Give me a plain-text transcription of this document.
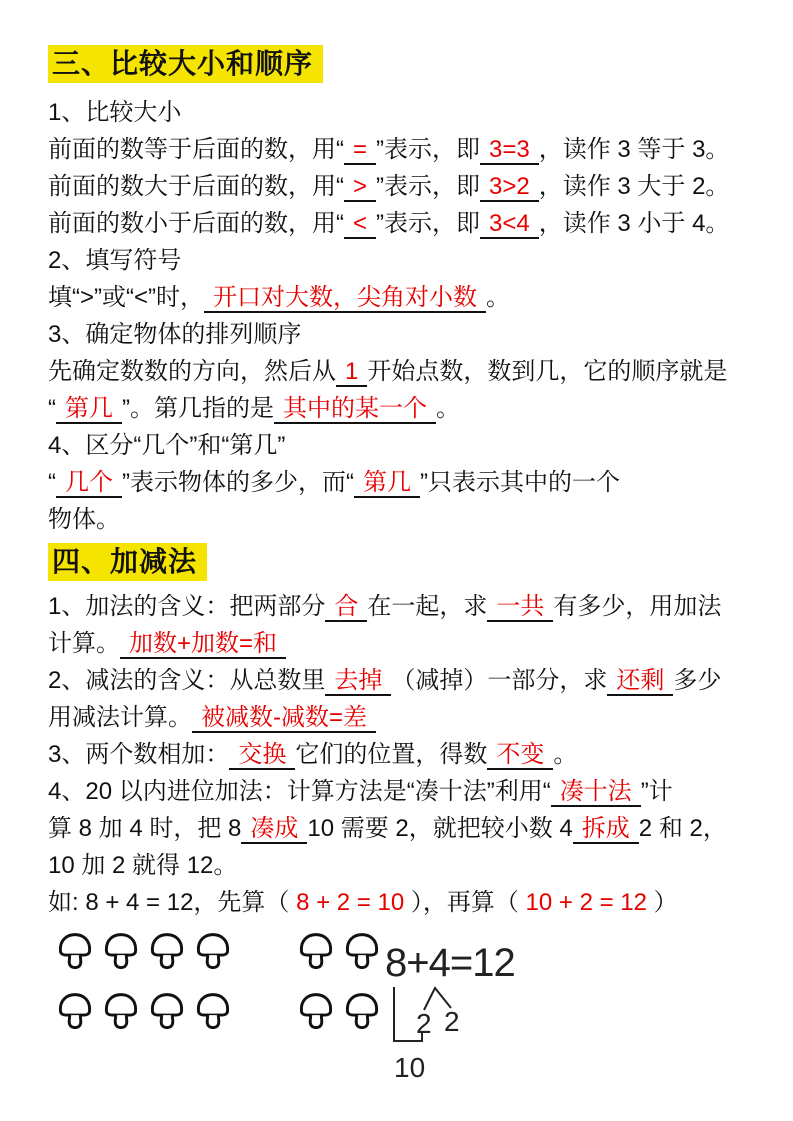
三、比较大小和顺序
1、比较大小
前面的数等于后面的数，用“ = ”表示，即 3=3 ，读作 3 等于 3。
前面的数大于后面的数，用“ > ”表示，即 3>2 ，读作 3 大于 2。
前面的数小于后面的数，用“ < ”表示，即 3<4 ，读作 3 小于 4。
2、填写符号
填“>”或“<”时， 开口对大数，尖角对小数 。
3、确定物体的排列顺序
先确定数数的方向，然后从 1 开始点数，数到几，它的顺序就是
“ 第几 ”。第几指的是 其中的某一个 。
4、区分“几个”和“第几”
“ 几个 ”表示物体的多少，而“ 第几 ”只表示其中的一个
物体。
四、加减法
1、加法的含义：把两部分 合 在一起，求 一共 有多少，用加法
计算。 加数+加数=和
2、减法的含义：从总数里 去掉 （减掉）一部分，求 还剩 多少
用减法计算。 被减数-减数=差
3、两个数相加： 交换 它们的位置，得数 不变 。
4、20 以内进位加法：计算方法是“凑十法”利用“ 凑十法 ”计
算 8 加 4 时，把 8 凑成 10 需要 2，就把较小数 4 拆成 2 和 2，
10 加 2 就得 12。
如: 8 + 4 = 12，先算（ 8 + 2 = 10 ），再算（ 10 + 2 = 12 ）
8+4=12
2 2
10
